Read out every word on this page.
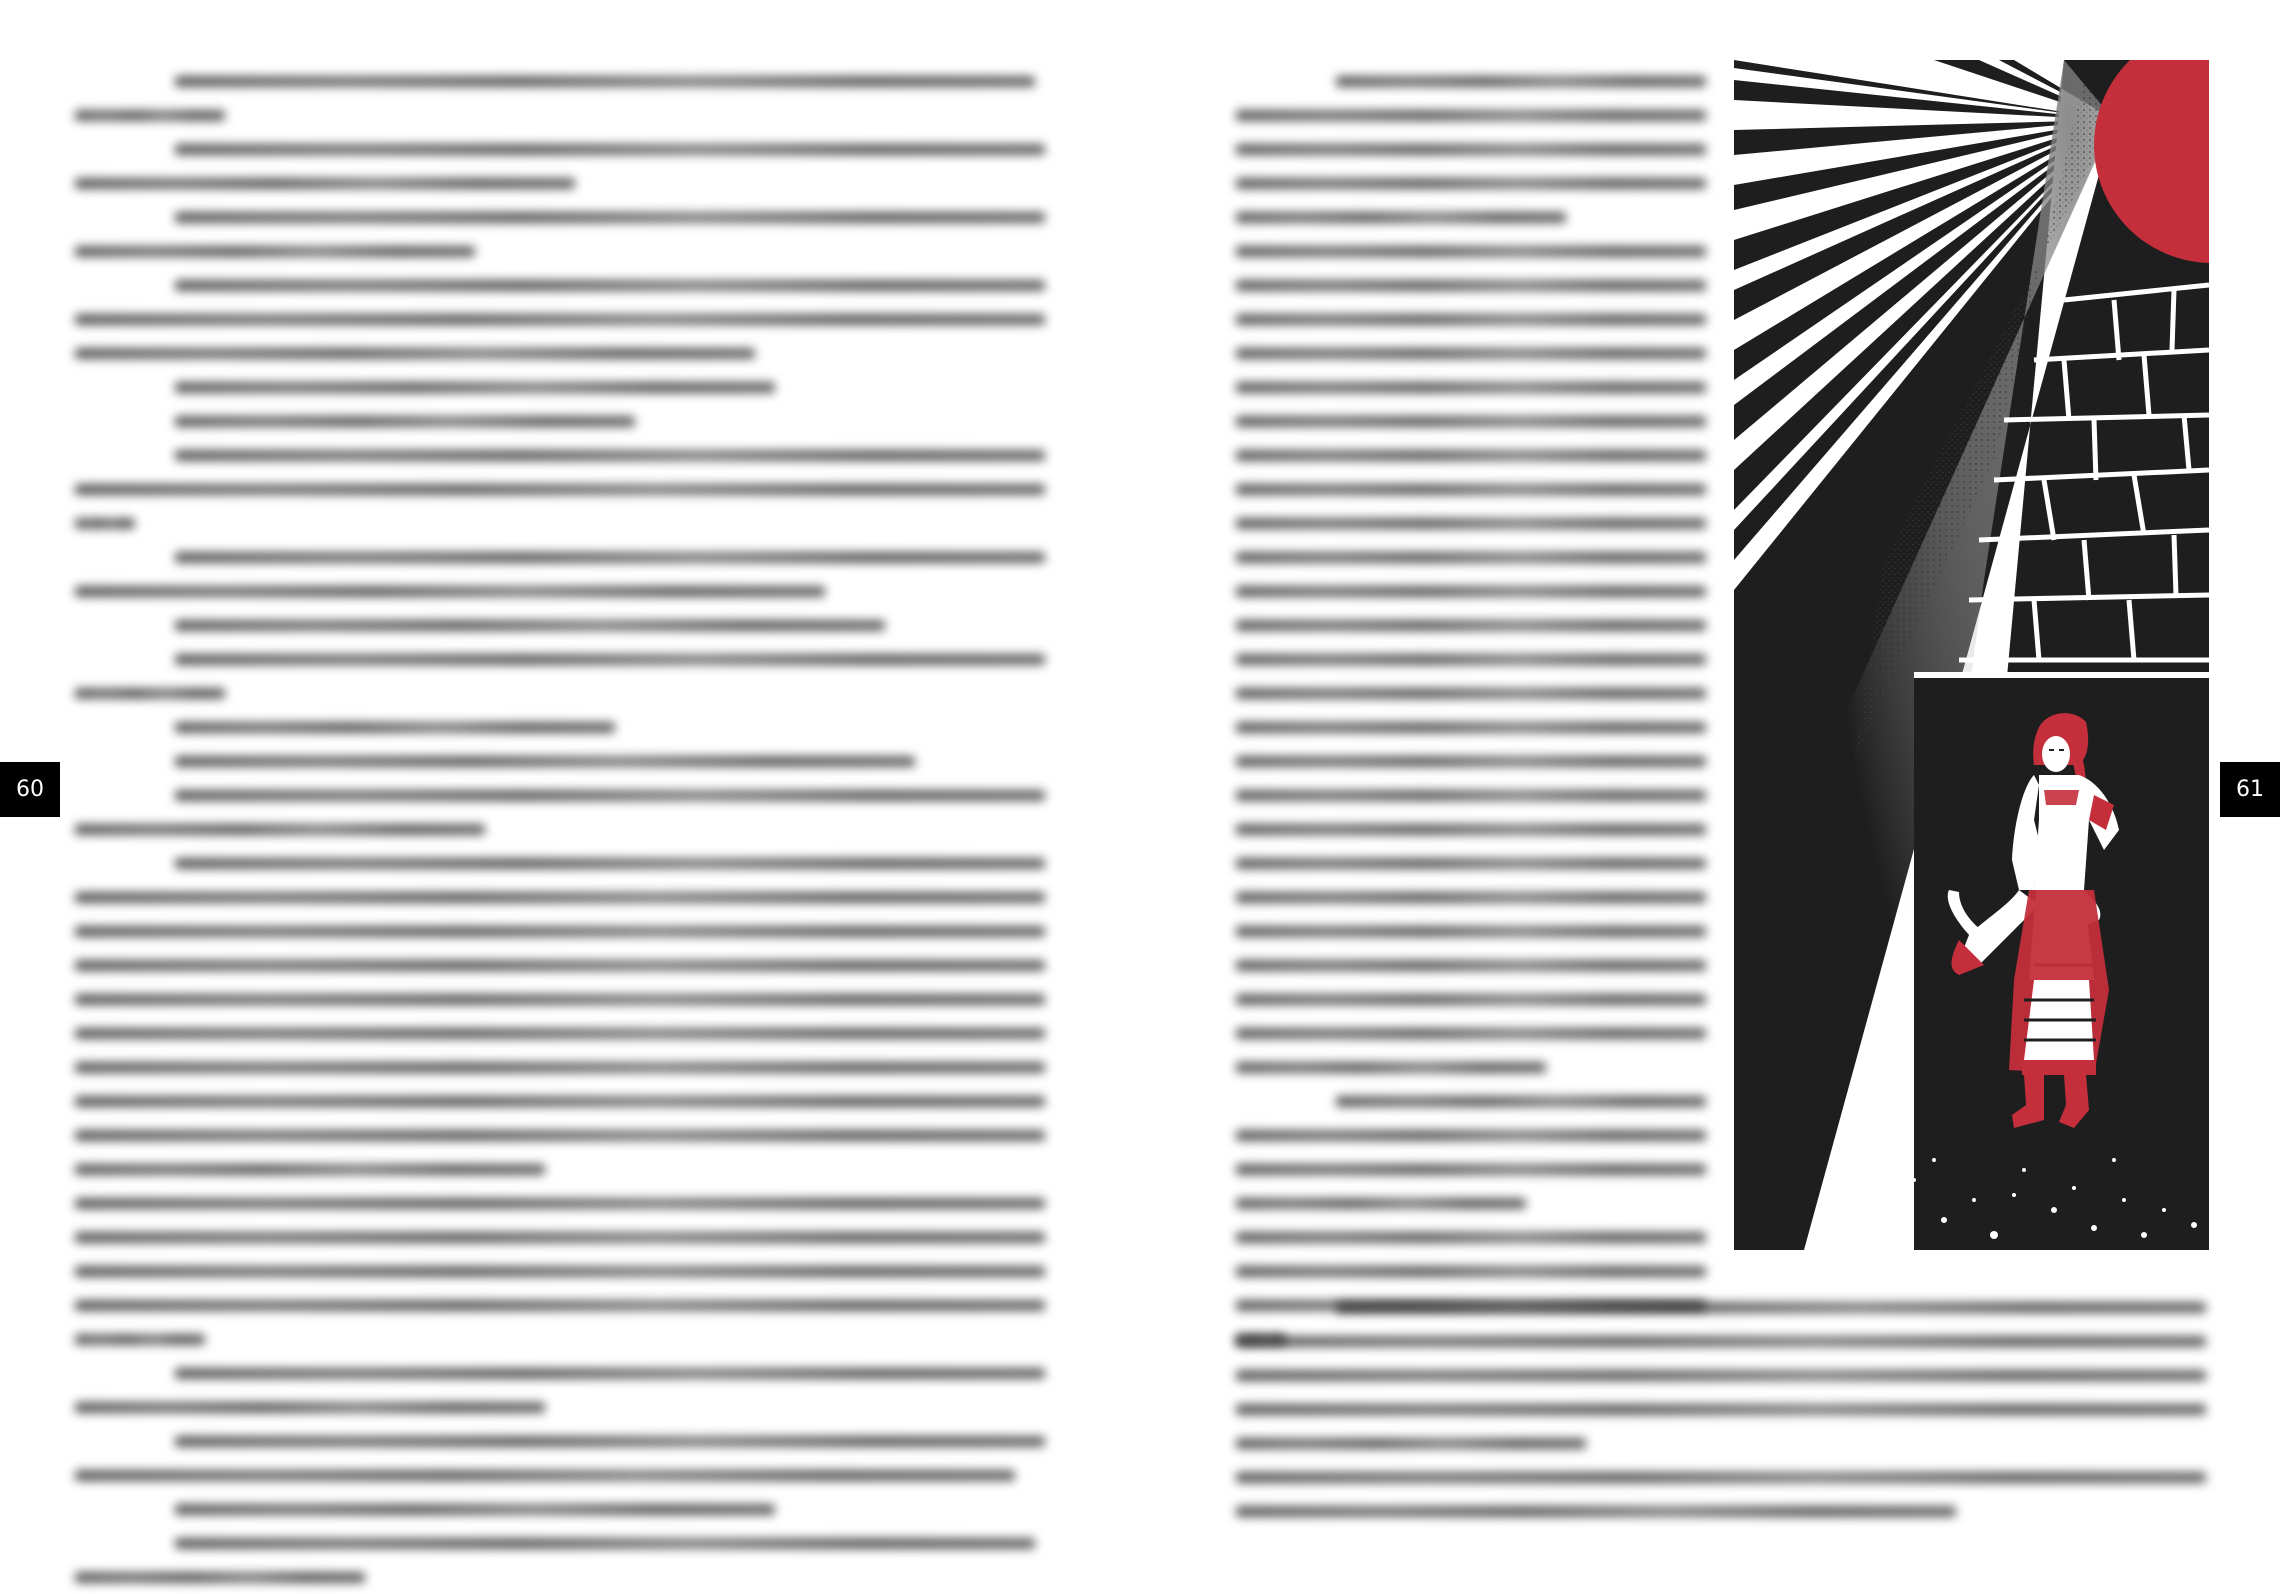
60	61
